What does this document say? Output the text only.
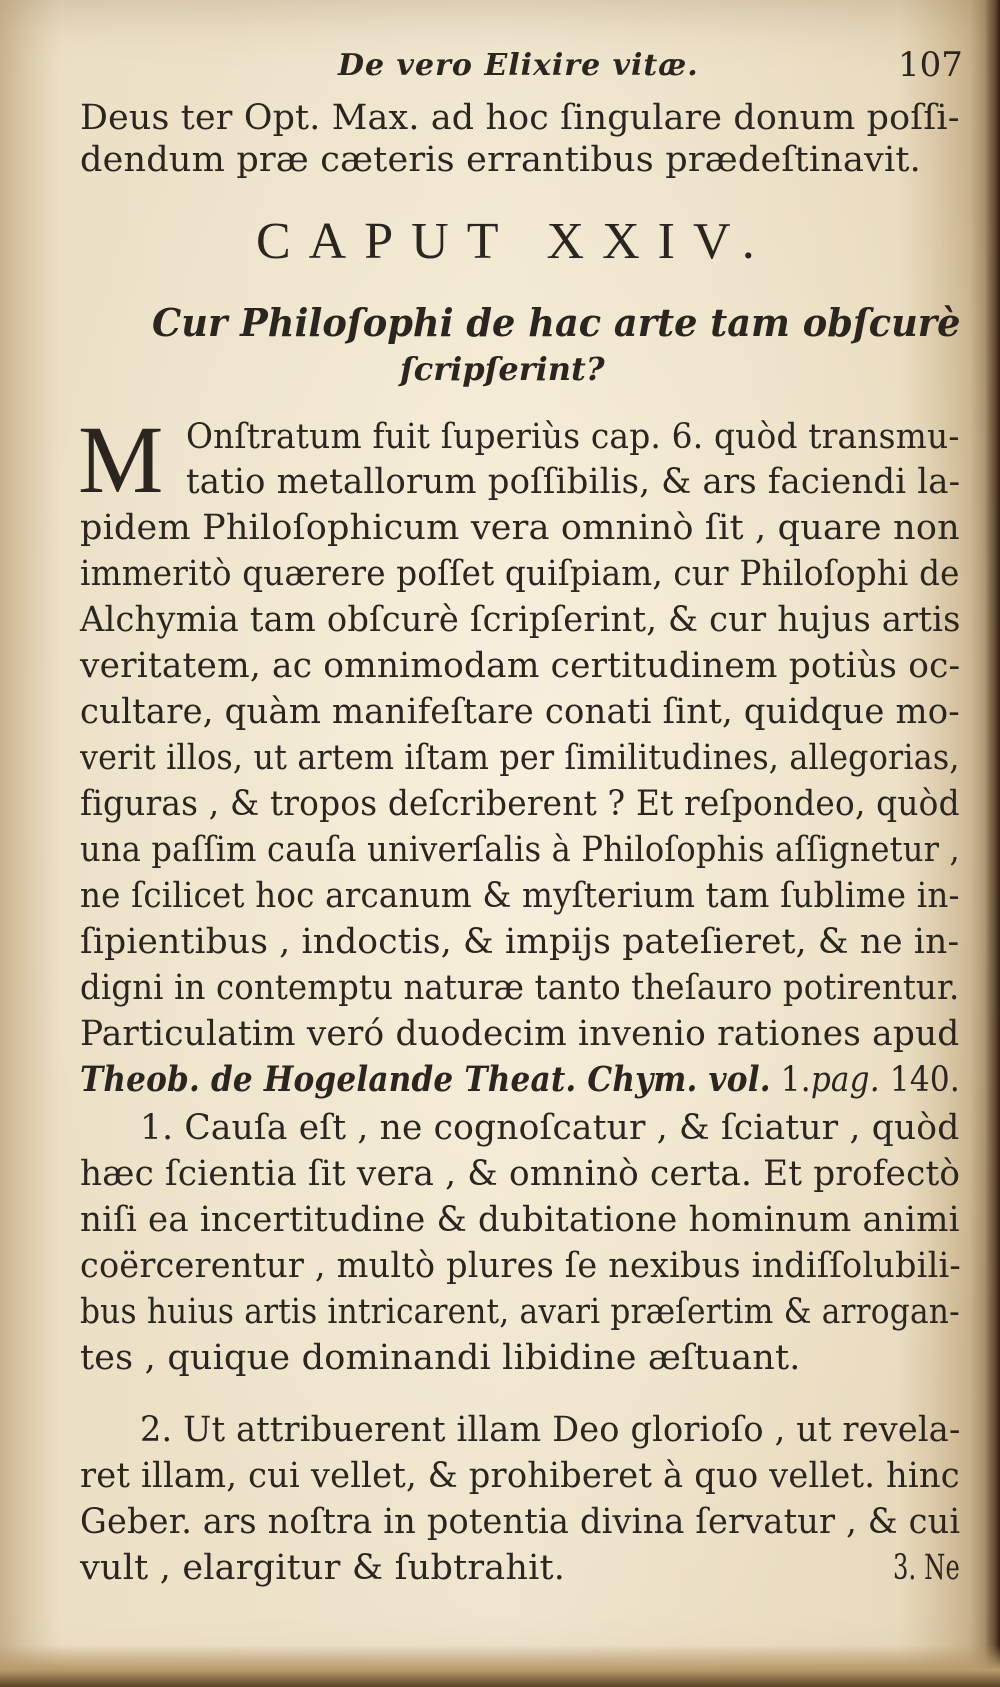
De vero Elixire vitæ.	107
Deus ter Opt. Max. ad hoc ſingulare donum poſſi-
dendum præ cæteris errantibus prædeſtinavit.
CAPUT XXIV.
Cur Philoſophi de hac arte tam obſcurè
ſcripſerint?
M Onſtratum fuit ſuperiùs cap. 6. quòd transmu-
tatio metallorum poſſibilis, & ars faciendi la-
pidem Philoſophicum vera omninò ſit , quare non
immeritò quærere poſſet quiſpiam, cur Philoſophi de
Alchymia tam obſcurè ſcripſerint, & cur hujus artis
veritatem, ac omnimodam certitudinem potiùs oc-
cultare, quàm manifeſtare conati ſint, quidque mo-
verit illos, ut artem iſtam per ſimilitudines, allegorias,
figuras , & tropos deſcriberent ? Et reſpondeo, quòd
una paſſim cauſa univerſalis à Philoſophis aſſignetur ,
ne ſcilicet hoc arcanum & myſterium tam ſublime in-
ſipientibus , indoctis, & impijs pateſieret, & ne in-
digni in contemptu naturæ tanto theſauro potirentur.
Particulatim veró duodecim invenio rationes apud
Theob. de Hogelande Theat. Chym. vol. 1.pag. 140.
1. Cauſa eſt , ne cognoſcatur , & ſciatur , quòd
hæc ſcientia ſit vera , & omninò certa. Et profectò
niſi ea incertitudine & dubitatione hominum animi
coërcerentur , multò plures ſe nexibus indiſſolubili-
bus huius artis intricarent, avari præſertim & arrogan-
tes , quique dominandi libidine æſtuant.
2. Ut attribuerent illam Deo glorioſo , ut revela-
ret illam, cui vellet, & prohiberet à quo vellet. hinc
Geber. ars noſtra in potentia divina ſervatur , & cui
vult , elargitur & ſubtrahit.	3. Ne
